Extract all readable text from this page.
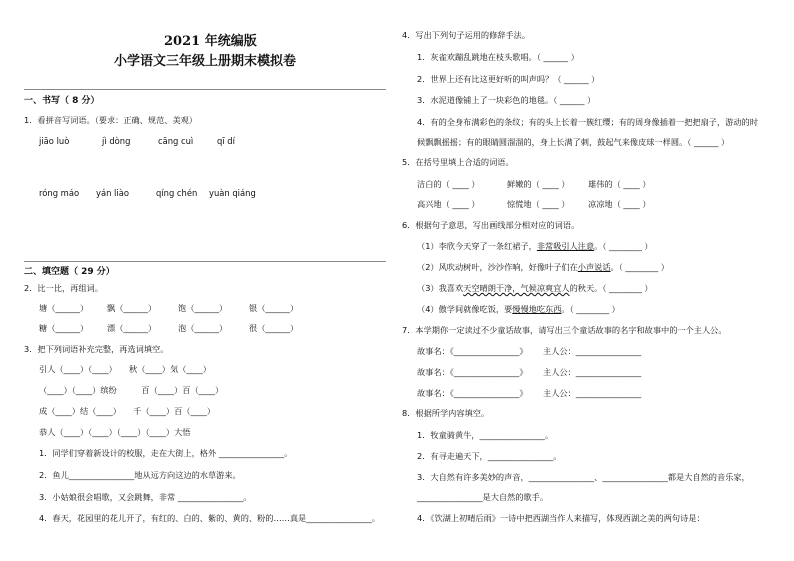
2021 年统编版
小学语文三年级上册期末模拟卷
一、书写（ 8 分）
1．看拼音写词语。（要求：正确、规范、美观）
jiāo luò	jì dòng	cāng cuì	qī dí
róng máo yán liào	qíng chén yuàn qiáng
二、填空题（ 29 分）
2．比一比，再组词。
塘（______） 飘（______）	饱（______）	银（______）
糖（______） 漂（______）	泡（______）	很（______）
3．把下列词语补充完整，再选词填空。
引人（____）（____）　　秋（____）気（____）
（____）（____）缤纷　　　百（____）百（____）
成（____）结（____）　　千（____）百（____）
恭人（____）（____）（____）（____）大悟
1．同学们穿着新设计的校服，走在大街上，格外 ________________。
2．鱼儿________________地从远方向这边的水草游来。
3．小姑娘很会唱歌，又会跳舞，非常 ________________。
4．春天，花园里的花儿开了，有红的、白的、紫的、黄的、粉的……真是________________。
4．写出下列句子运用的修辞手法。
1．灰雀欢蹦乱跳地在枝头歌唱。（ ______ ）
2．世界上还有比这更好听的叫声吗？（ ______ ）
3．水泥道像铺上了一块彩色的地毯。（ ______ ）
4．有的全身布满彩色的条纹；有的头上长着一簇红缨；有的周身像插着一把把扇子，游动的时
候飘飘摇摇；有的眼睛圆溜溜的，身上长满了刺，鼓起气来像皮球一样圆。（ ______ ）
5．在括号里填上合适的词语。
洁白的（ ____ ）	鲜嫩的（ ____ ） 雄伟的（ ____ ）
高兴地（ ____ ）	惊慌地（ ____ ） 凉凉地（ ____ ）
6．根据句子意思，写出画线部分相对应的词语。
（1）李欣今天穿了一条红裙子，非常吸引人注意。（ ________ ）
（2）风吹动树叶，沙沙作响，好像叶子们在小声说话。（ ________ ）
（3）我喜欢天空晴朗干净，气候凉爽宜人的秋天。（ ________ ）
（4）傲学间就像吃饭，要慢慢地吃东西。（ ________ ）
7．本学期你一定读过不少童话故事，请写出三个童话故事的名字和故事中的一个主人公。
故事名：《________________》 主人公：________________
故事名：《________________》 主人公：________________
故事名：《________________》 主人公：________________
8．根据所学内容填空。
1．牧童骑黄牛，________________。
2．有寻走遍天下，________________。
3．大自然有许多美妙的声音，________________、________________都是大自然的音乐家，
________________是大自然的歌手。
4．《饮湖上初晴后雨》一诗中把西湖当作人来描写，体现西湖之美的两句诗是：
